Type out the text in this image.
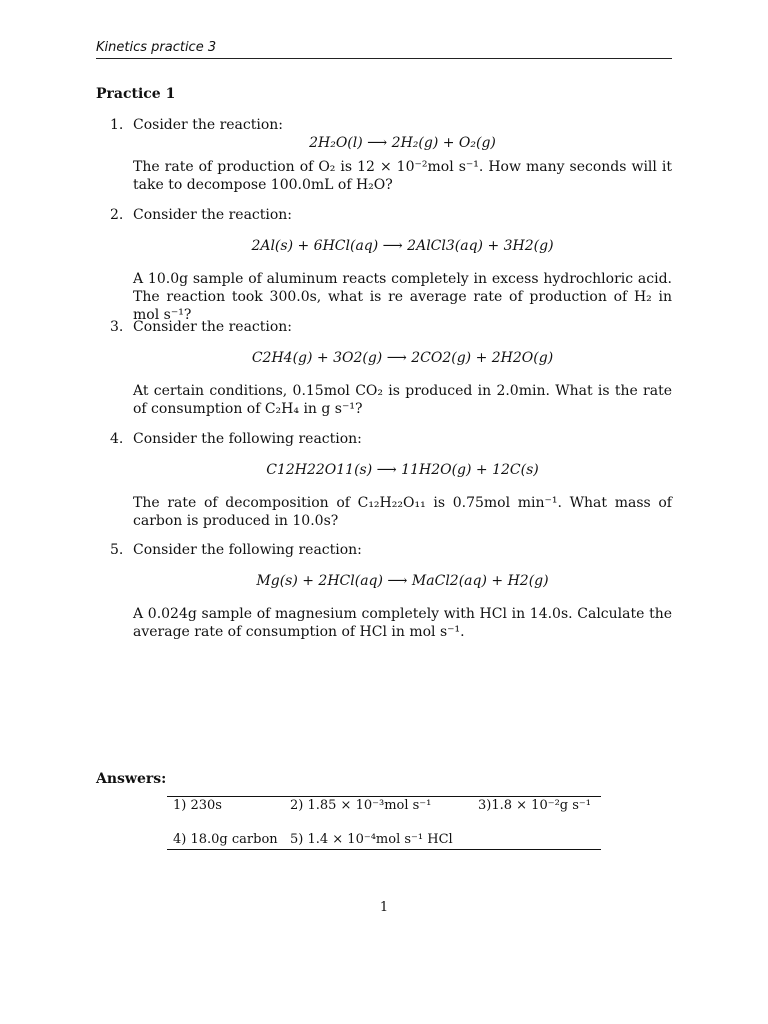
Kinetics practice 3
Practice 1
1. Cosider the reaction:
2H₂O(l) ⟶ 2H₂(g) + O₂(g)
The rate of production of O₂ is 12 × 10⁻²mol s⁻¹. How many seconds will it take to decompose 100.0mL of H₂O?
2. Consider the reaction:
2Al(s) + 6HCl(aq) ⟶ 2AlCl3(aq) + 3H2(g)
A 10.0g sample of aluminum reacts completely in excess hydrochloric acid. The reaction took 300.0s, what is re average rate of production of H₂ in mol s⁻¹?
3. Consider the reaction:
C2H4(g) + 3O2(g) ⟶ 2CO2(g) + 2H2O(g)
At certain conditions, 0.15mol CO₂ is produced in 2.0min. What is the rate of consumption of C₂H₄ in g s⁻¹?
4. Consider the following reaction:
C12H22O11(s) ⟶ 11H2O(g) + 12C(s)
The rate of decomposition of C₁₂H₂₂O₁₁ is 0.75mol min⁻¹. What mass of carbon is produced in 10.0s?
5. Consider the following reaction:
Mg(s) + 2HCl(aq) ⟶ MaCl2(aq) + H2(g)
A 0.024g sample of magnesium completely with HCl in 14.0s. Calculate the average rate of consumption of HCl in mol s⁻¹.
Answers:
1) 230s	2) 1.85 × 10⁻³mol s⁻¹	3)1.8 × 10⁻²g s⁻¹
4) 18.0g carbon 5) 1.4 × 10⁻⁴mol s⁻¹ HCl
1
